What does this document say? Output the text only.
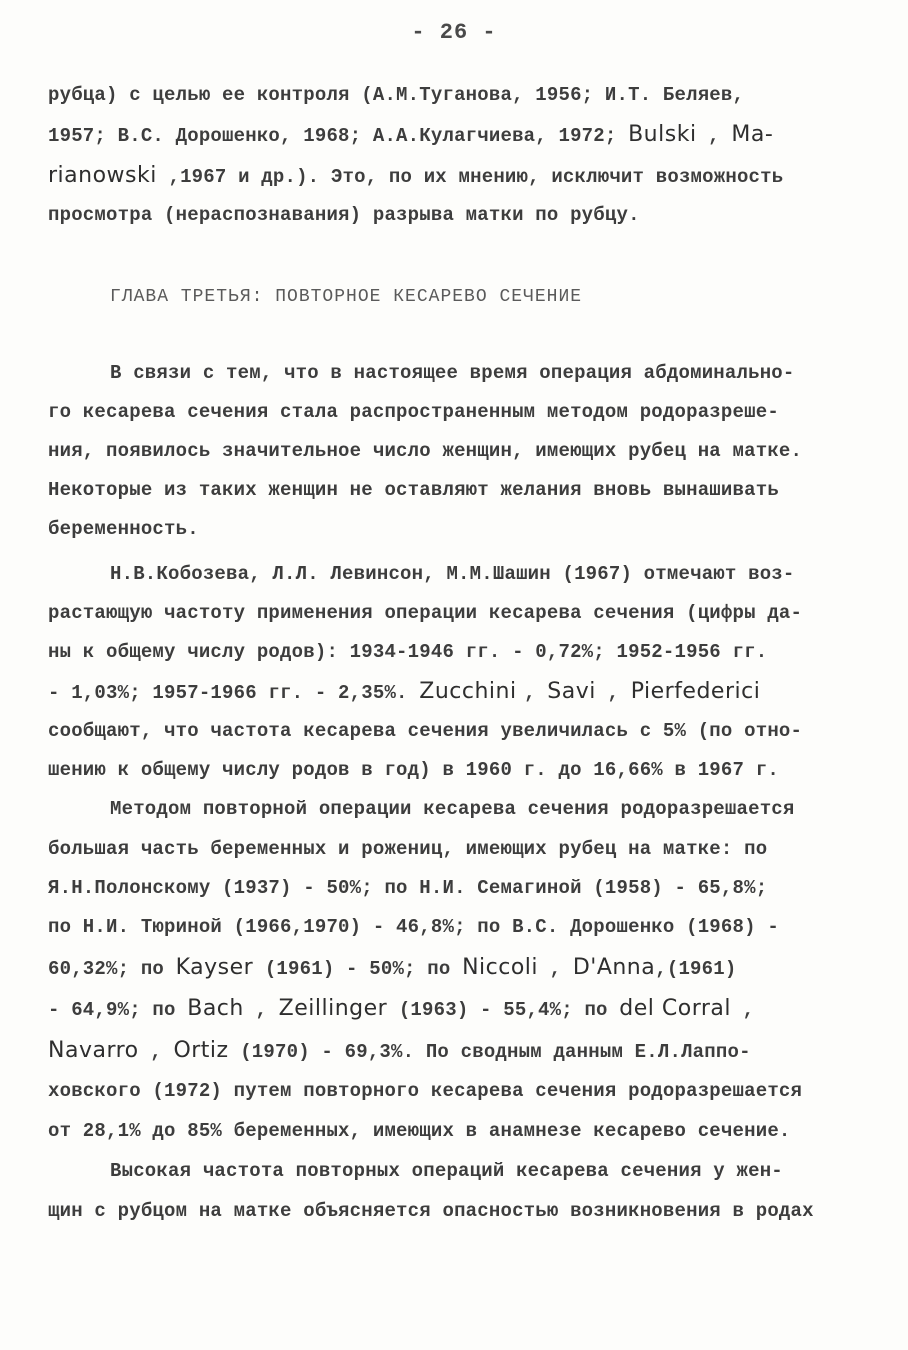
- 26 -
рубца) с целью ее контроля (А.М.Туганова, 1956; И.Т. Беляев,
1957; В.С. Дорошенко, 1968; А.А.Кулагчиева, 1972; Bulski , Ma-
rianowski ,1967 и др.). Это, по их мнению, исключит возможность
просмотра (нераспознавания) разрыва матки по рубцу.
ГЛАВА ТРЕТЬЯ: ПОВТОРНОЕ КЕСАРЕВО СЕЧЕНИЕ
В связи с тем, что в настоящее время операция абдоминально-
го кесарева сечения стала распространенным методом родоразреше-
ния, появилось значительное число женщин, имеющих рубец на матке.
Некоторые из таких женщин не оставляют желания вновь вынашивать
беременность.
Н.В.Кобозева, Л.Л. Левинсон, М.М.Шашин (1967) отмечают воз-
растающую частоту применения операции кесарева сечения (цифры да-
ны к общему числу родов): 1934-1946 гг. - 0,72%; 1952-1956 гг.
- 1,03%; 1957-1966 гг. - 2,35%. Zucchini , Savi , Pierfederici
сообщают, что частота кесарева сечения увеличилась с 5% (по отно-
шению к общему числу родов в год) в 1960 г. до 16,66% в 1967 г.
Методом повторной операции кесарева сечения родоразрешается
большая часть беременных и рожениц, имеющих рубец на матке: по
Я.Н.Полонскому (1937) - 50%; по Н.И. Семагиной (1958) - 65,8%;
по Н.И. Тюриной (1966,1970) - 46,8%; по В.С. Дорошенко (1968) -
60,32%; по Kayser (1961) - 50%; по Niccoli , D'Anna,(1961)
- 64,9%; по Bach , Zeillinger (1963) - 55,4%; по del Corral ,
Navarro , Ortiz (1970) - 69,3%. По сводным данным Е.Л.Лаппо-
ховского (1972) путем повторного кесарева сечения родоразрешается
от 28,1% до 85% беременных, имеющих в анамнезе кесарево сечение.
Высокая частота повторных операций кесарева сечения у жен-
щин с рубцом на матке объясняется опасностью возникновения в родах
